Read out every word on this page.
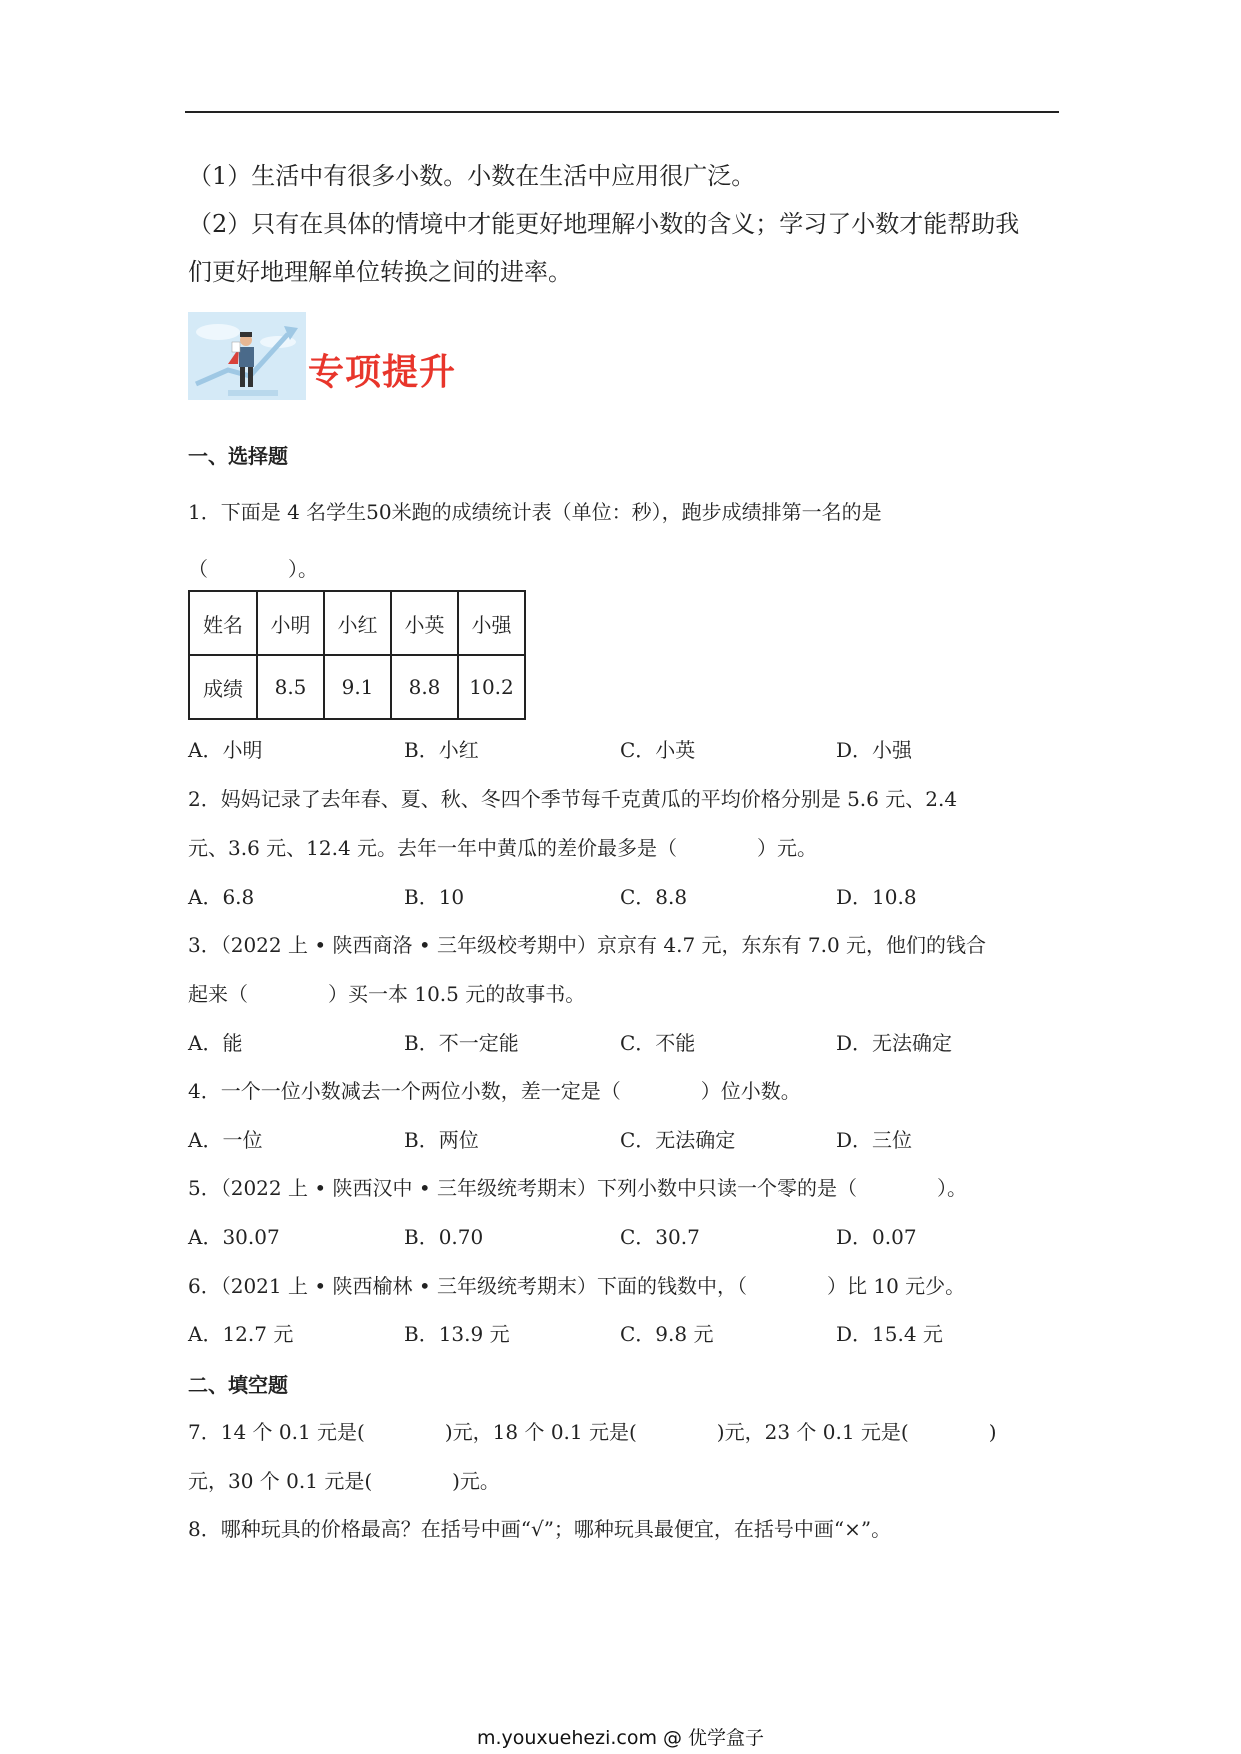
（1）生活中有很多小数。小数在生活中应用很广泛。
（2）只有在具体的情境中才能更好地理解小数的含义；学习了小数才能帮助我
们更好地理解单位转换之间的进率。
专项提升
一、选择题
1．下面是 4 名学生50米跑的成绩统计表（单位：秒），跑步成绩排第一名的是
（　　　　）。
姓名	小明	小红	小英	小强
成绩	8.5	9.1	8.8	10.2
A．小明	B．小红	C．小英	D．小强
2．妈妈记录了去年春、夏、秋、冬四个季节每千克黄瓜的平均价格分别是 5.6 元、2.4
元、3.6 元、12.4 元。去年一年中黄瓜的差价最多是（　　　　）元。
A．6.8	B．10	C．8.8	D．10.8
3．（2022 上 • 陕西商洛 • 三年级校考期中）京京有 4.7 元，东东有 7.0 元，他们的钱合
起来（　　　　）买一本 10.5 元的故事书。
A．能	B．不一定能	C．不能	D．无法确定
4．一个一位小数减去一个两位小数，差一定是（　　　　）位小数。
A．一位	B．两位	C．无法确定	D．三位
5．（2022 上 • 陕西汉中 • 三年级统考期末）下列小数中只读一个零的是（　　　　）。
A．30.07	B．0.70	C．30.7	D．0.07
6．（2021 上 • 陕西榆林 • 三年级统考期末）下面的钱数中，（　　　　）比 10 元少。
A．12.7 元	B．13.9 元	C．9.8 元	D．15.4 元
二、填空题
7．14 个 0.1 元是(　　　　)元，18 个 0.1 元是(　　　　)元，23 个 0.1 元是(　　　　)
元，30 个 0.1 元是(　　　　)元。
8．哪种玩具的价格最高？在括号中画“√”；哪种玩具最便宜，在括号中画“×”。
m.youxuehezi.com @ 优学盒子
